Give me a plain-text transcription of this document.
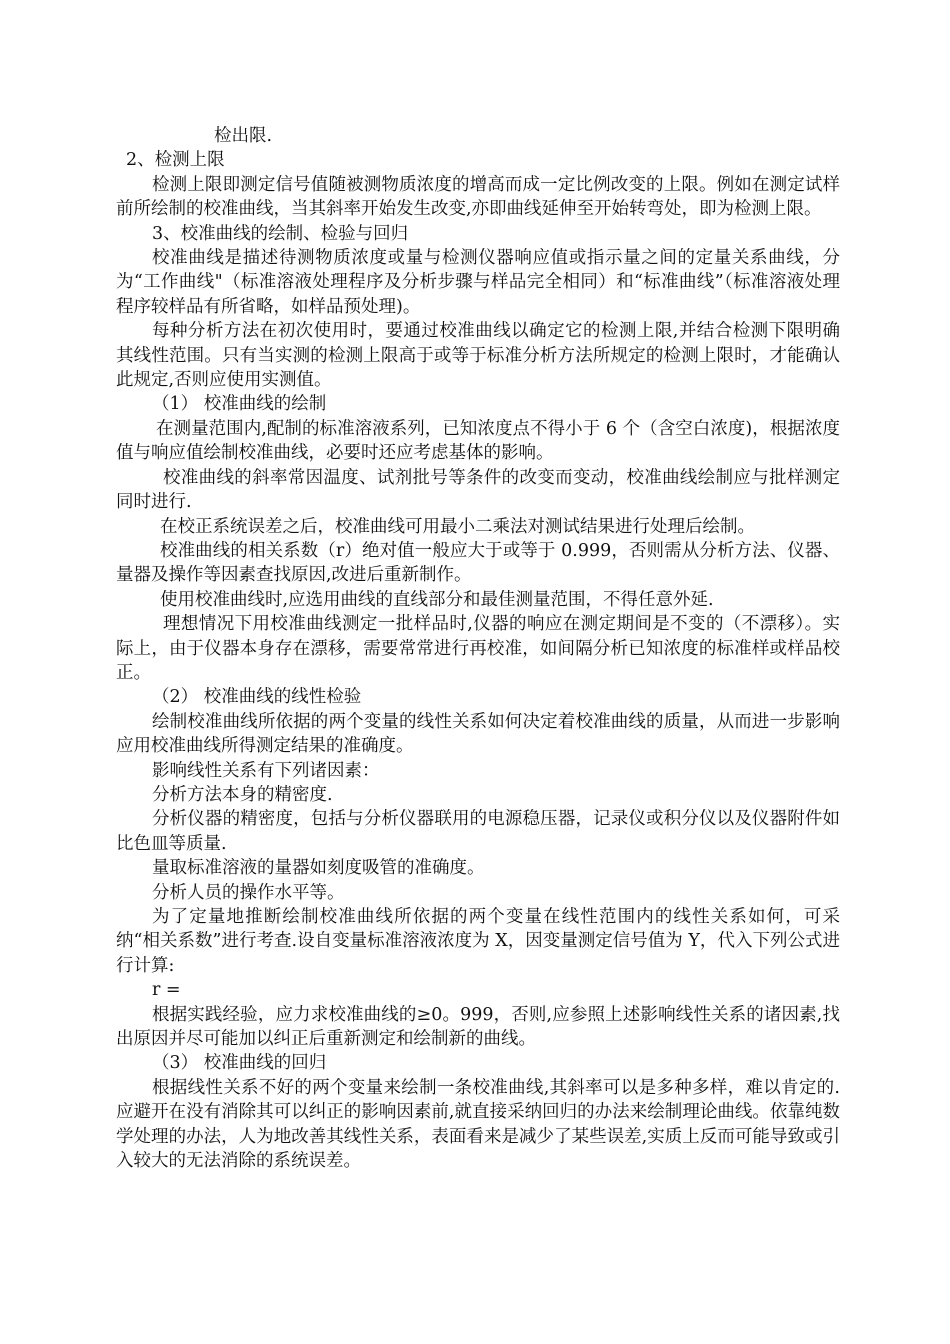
检出限.

2、检测上限

检测上限即测定信号值随被测物质浓度的增高而成一定比例改变的上限。例如在测定试样前所绘制的校准曲线，当其斜率开始发生改变,亦即曲线延伸至开始转弯处，即为检测上限。

3、校准曲线的绘制、检验与回归

校准曲线是描述待测物质浓度或量与检测仪器响应值或指示量之间的定量关系曲线，分为“工作曲线"（标准溶液处理程序及分析步骤与样品完全相同）和“标准曲线”（标准溶液处理程序较样品有所省略，如样品预处理)。

每种分析方法在初次使用时，要通过校准曲线以确定它的检测上限,并结合检测下限明确其线性范围。只有当实测的检测上限高于或等于标准分析方法所规定的检测上限时，才能确认此规定,否则应使用实测值。

（1） 校准曲线的绘制

在测量范围内,配制的标准溶液系列，已知浓度点不得小于 6 个（含空白浓度)，根据浓度值与响应值绘制校准曲线，必要时还应考虑基体的影响。

校准曲线的斜率常因温度、试剂批号等条件的改变而变动，校准曲线绘制应与批样测定同时进行.

在校正系统误差之后，校准曲线可用最小二乘法对测试结果进行处理后绘制。

校准曲线的相关系数（r）绝对值一般应大于或等于 0.999，否则需从分析方法、仪器、量器及操作等因素查找原因,改进后重新制作。

使用校准曲线时,应选用曲线的直线部分和最佳测量范围，不得任意外延.

理想情况下用校准曲线测定一批样品时,仪器的响应在测定期间是不变的（不漂移）。实际上，由于仪器本身存在漂移，需要常常进行再校准，如间隔分析已知浓度的标准样或样品校正。

（2） 校准曲线的线性检验

绘制校准曲线所依据的两个变量的线性关系如何决定着校准曲线的质量，从而进一步影响应用校准曲线所得测定结果的准确度。

影响线性关系有下列诸因素：

分析方法本身的精密度.

分析仪器的精密度，包括与分析仪器联用的电源稳压器，记录仪或积分仪以及仪器附件如比色皿等质量.

量取标准溶液的量器如刻度吸管的准确度。

分析人员的操作水平等。

为了定量地推断绘制校准曲线所依据的两个变量在线性范围内的线性关系如何，可采纳“相关系数”进行考查.设自变量标准溶液浓度为 X，因变量测定信号值为 Y，代入下列公式进行计算:

r =

根据实践经验，应力求校准曲线的≥0。999，否则,应参照上述影响线性关系的诸因素,找出原因并尽可能加以纠正后重新测定和绘制新的曲线。

（3） 校准曲线的回归

根据线性关系不好的两个变量来绘制一条校准曲线,其斜率可以是多种多样，难以肯定的.应避开在没有消除其可以纠正的影响因素前,就直接采纳回归的办法来绘制理论曲线。依靠纯数学处理的办法，人为地改善其线性关系，表面看来是减少了某些误差,实质上反而可能导致或引入较大的无法消除的系统误差。
